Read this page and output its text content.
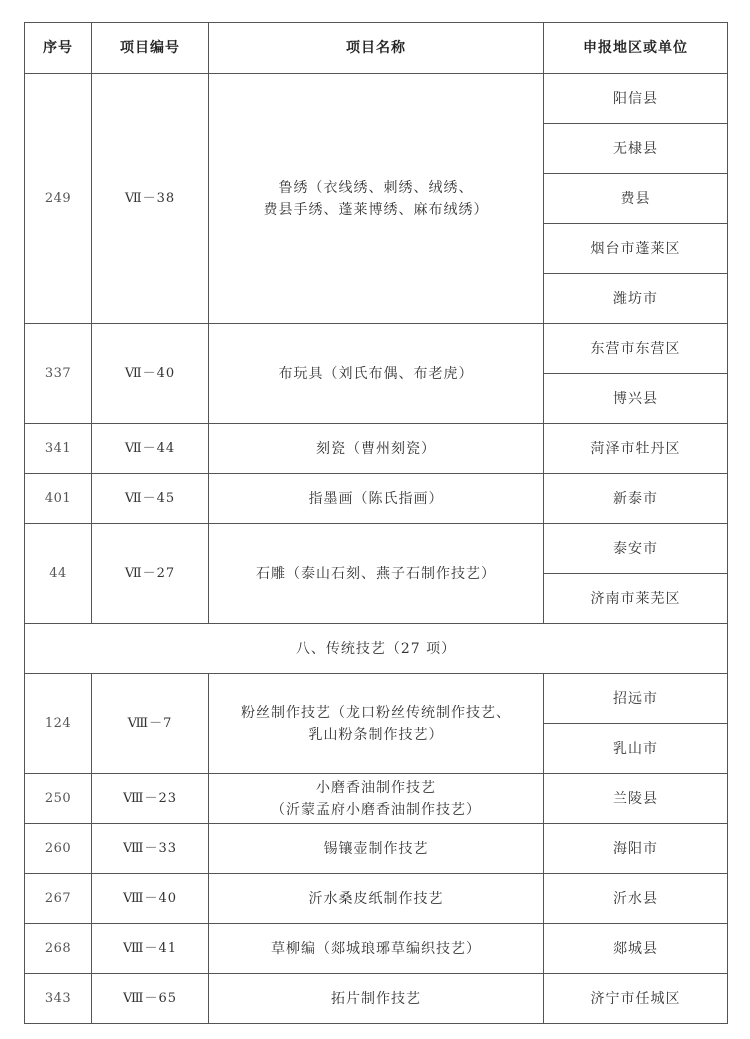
序号	项目编号	项目名称	申报地区或单位
249	Ⅶ－38	鲁绣（衣线绣、刺绣、绒绣、
费县手绣、蓬莱博绣、麻布绒绣）	阳信县
			无棣县
			费县
			烟台市蓬莱区
			潍坊市
337	Ⅶ－40	布玩具（刘氏布偶、布老虎）	东营市东营区
			博兴县
341	Ⅶ－44	刻瓷（曹州刻瓷）	菏泽市牡丹区
401	Ⅶ－45	指墨画（陈氏指画）	新泰市
44	Ⅶ－27	石雕（泰山石刻、燕子石制作技艺）	泰安市
			济南市莱芜区
八、传统技艺（27 项）			
124	Ⅷ－7	粉丝制作技艺（龙口粉丝传统制作技艺、
乳山粉条制作技艺）	招远市
			乳山市
250	Ⅷ－23	小磨香油制作技艺
（沂蒙孟府小磨香油制作技艺）	兰陵县
260	Ⅷ－33	锡镶壶制作技艺	海阳市
267	Ⅷ－40	沂水桑皮纸制作技艺	沂水县
268	Ⅷ－41	草柳编（郯城琅琊草编织技艺）	郯城县
343	Ⅷ－65	拓片制作技艺	济宁市任城区
